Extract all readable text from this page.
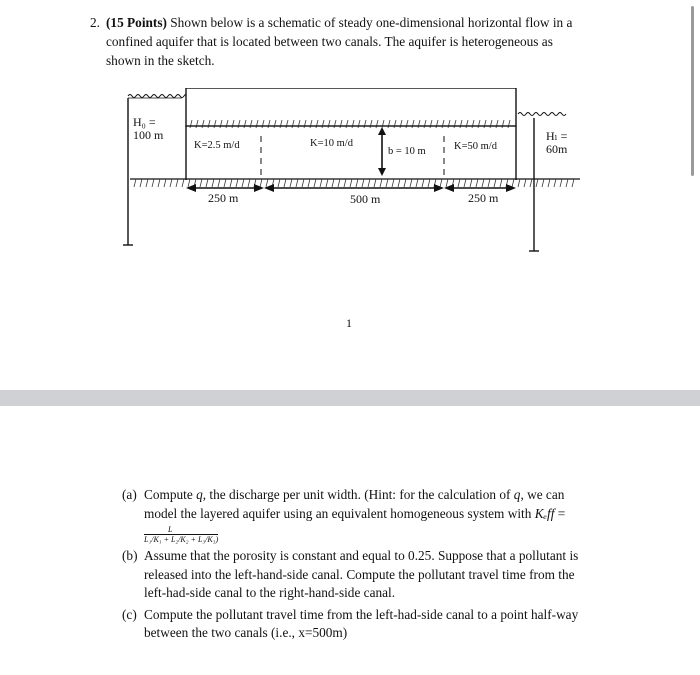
2. (15 Points) Shown below is a schematic of steady one-dimensional horizontal flow in a

confined aquifer that is located between two canals. The aquifer is heterogeneous as

shown in the sketch.

H₀ =
100 m	Hₗ =
60m
K=2.5 m/d	K=10 m/d	K=50 m/d
b = 10 m
250 m	500 m	250 m
1
(a) Compute q, the discharge per unit width. (Hint: for the calculation of q, we can
model the layered aquifer using an equivalent homogeneous system with Kₑff =
L
L₁/K₁ + L₂/K₂ + L₃/K₃)
(b) Assume that the porosity is constant and equal to 0.25. Suppose that a pollutant is
released into the left-hand-side canal. Compute the pollutant travel time from the
left-had-side canal to the right-hand-side canal.
(c) Compute the pollutant travel time from the left-had-side canal to a point half-way
between the two canals (i.e., x=500m)
